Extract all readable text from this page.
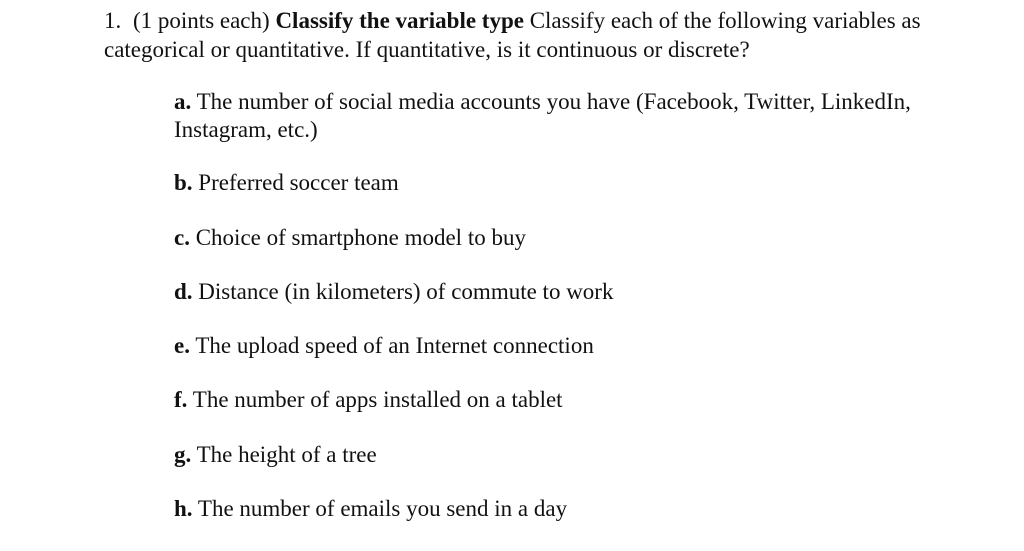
1. (1 points each) Classify the variable type Classify each of the following variables as categorical or quantitative. If quantitative, is it continuous or discrete?
a. The number of social media accounts you have (Facebook, Twitter, LinkedIn, Instagram, etc.)
b. Preferred soccer team
c. Choice of smartphone model to buy
d. Distance (in kilometers) of commute to work
e. The upload speed of an Internet connection
f. The number of apps installed on a tablet
g. The height of a tree
h. The number of emails you send in a day
